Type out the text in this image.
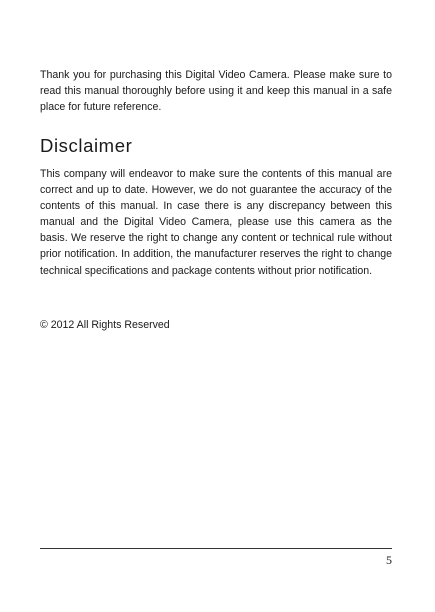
Thank you for purchasing this Digital Video Camera. Please make sure to read this manual thoroughly before using it and keep this manual in a safe place for future reference.

Disclaimer

This company will endeavor to make sure the contents of this manual are correct and up to date. However, we do not guarantee the accuracy of the contents of this manual. In case there is any discrepancy between this manual and the Digital Video Camera, please use this camera as the basis. We reserve the right to change any content or technical rule without prior notification. In addition, the manufacturer reserves the right to change technical specifications and package contents without prior notification.

© 2012 All Rights Reserved

5
